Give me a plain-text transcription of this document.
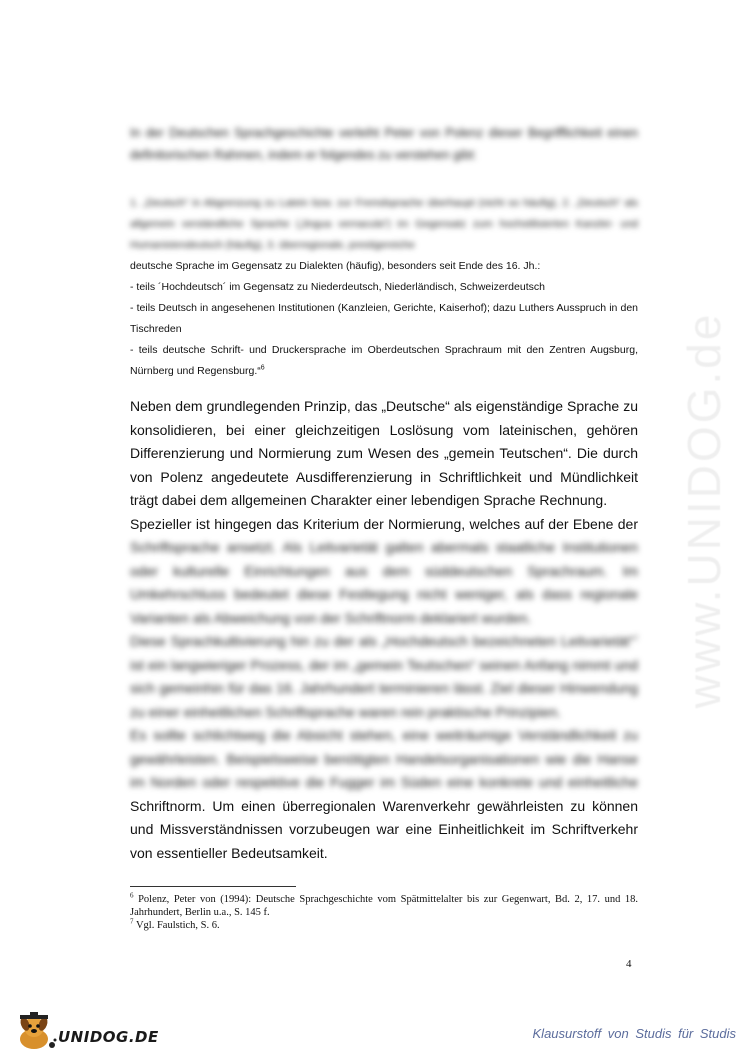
www.UNIDOG.de
In der Deutschen Sprachgeschichte verleiht Peter von Polenz dieser Begrifflichkeit einen definitorischen Rahmen, indem er folgendes zu verstehen gibt:
1. „Deutsch“ in Abgrenzung zu Latein bzw. zur Fremdsprache überhaupt (nicht so häufig), 2. „Deutsch“ als allgemein verständliche Sprache („lingua vernacula“) im Gegensatz zum hochstilisierten Kanzlei- und Humanistendeutsch (häufig), 3. überregionale, prestigereiche
deutsche Sprache im Gegensatz zu Dialekten (häufig), besonders seit Ende des 16. Jh.:
- teils ´Hochdeutsch´ im Gegensatz zu Niederdeutsch, Niederländisch, Schweizerdeutsch
- teils Deutsch in angesehenen Institutionen (Kanzleien, Gerichte, Kaiserhof); dazu Luthers Ausspruch in den Tischreden
- teils deutsche Schrift- und Druckersprache im Oberdeutschen Sprachraum mit den Zentren Augsburg, Nürnberg und Regensburg.“$^6$
Neben dem grundlegenden Prinzip, das „Deutsche“ als eigenständige Sprache zu
konsolidieren, bei einer gleichzeitigen Loslösung vom lateinischen, gehören
Differenzierung und Normierung zum Wesen des „gemein Teutschen“. Die durch
von Polenz angedeutete Ausdifferenzierung in Schriftlichkeit und Mündlichkeit
trägt dabei dem allgemeinen Charakter einer lebendigen Sprache Rechnung.
Spezieller ist hingegen das Kriterium der Normierung, welches auf der Ebene der
Schriftsprache ansetzt. Als Leitvarietät galten abermals staatliche Institutionen
oder kulturelle Einrichtungen aus dem süddeutschen Sprachraum. Im
Umkehrschluss bedeutet diese Festlegung nicht weniger, als dass regionale
Varianten als Abweichung von der Schriftnorm deklariert wurden.
Diese Sprachkultivierung hin zu der als „Hochdeutsch bezeichneten Leitvarietät“$^7$
ist ein langwieriger Prozess, der im „gemein Teutschen“ seinen Anfang nimmt und
sich gemeinhin für das 16. Jahrhundert terminieren lässt. Ziel dieser Hinwendung
zu einer einheitlichen Schriftsprache waren rein praktische Prinzipien.
Es sollte schlichtweg die Absicht stehen, eine weiträumige Verständlichkeit zu
gewährleisten. Beispielsweise benötigten Handelsorganisationen wie die Hanse
im Norden oder respektive die Fugger im Süden eine konkrete und einheitliche
Schriftnorm. Um einen überregionalen Warenverkehr gewährleisten zu können
und Missverständnissen vorzubeugen war eine Einheitlichkeit im Schriftverkehr
von essentieller Bedeutsamkeit.
$^6$ Polenz, Peter von (1994): Deutsche Sprachgeschichte vom Spätmittelalter bis zur Gegenwart, Bd. 2, 17. und 18. Jahrhundert, Berlin u.a., S. 145 f.
$^7$ Vgl. Faulstich, S. 6.
4
UNIDOG.DE	Klausurstoff von Studis für Studis
